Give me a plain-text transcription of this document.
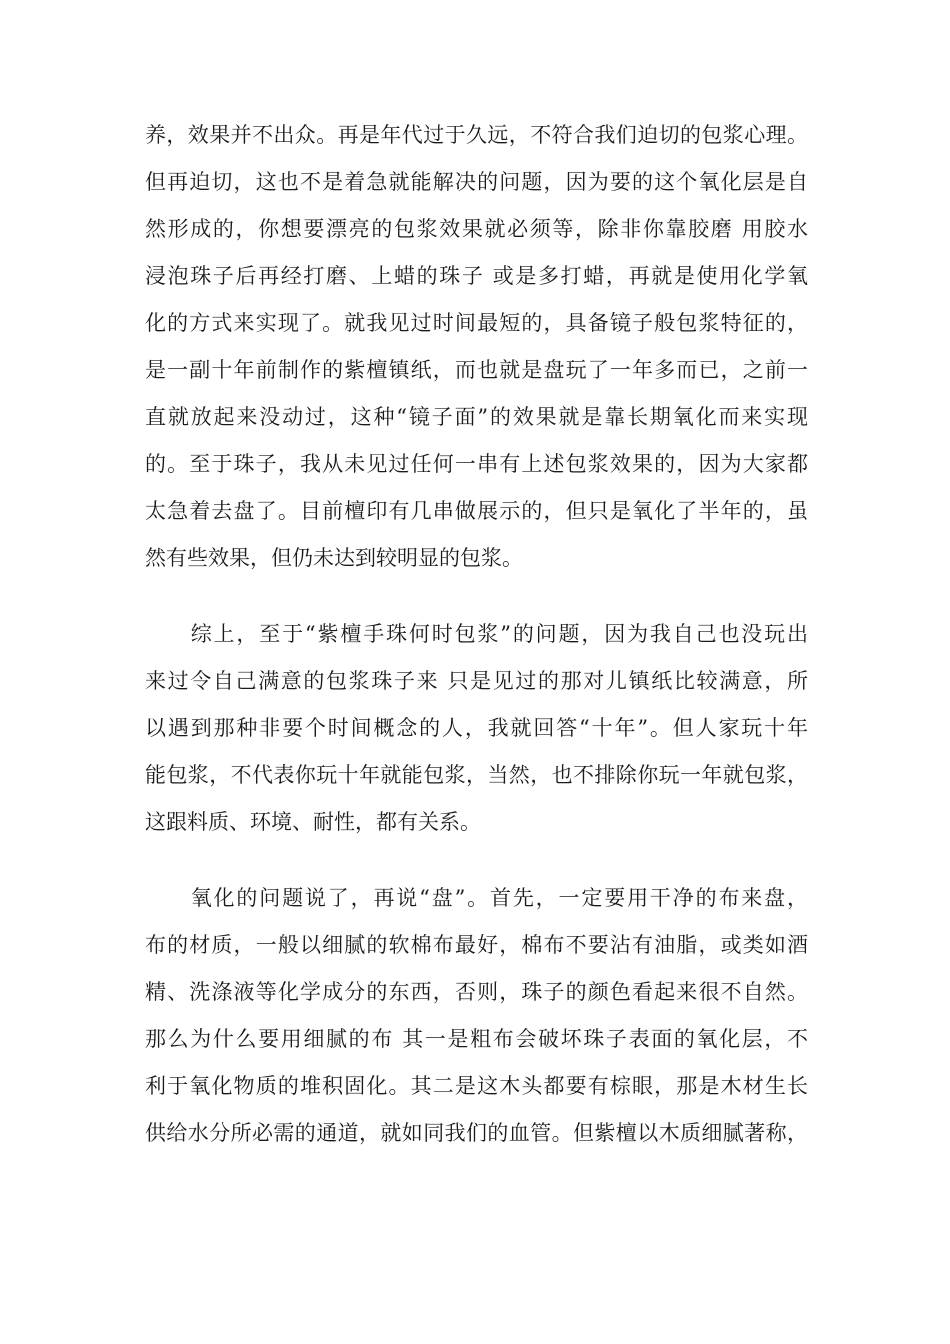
养，效果并不出众。再是年代过于久远，不符合我们迫切的包浆心理。
但再迫切，这也不是着急就能解决的问题，因为要的这个氧化层是自
然形成的，你想要漂亮的包浆效果就必须等，除非你靠胶磨 用胶水
浸泡珠子后再经打磨、上蜡的珠子 或是多打蜡，再就是使用化学氧
化的方式来实现了。就我见过时间最短的，具备镜子般包浆特征的，
是一副十年前制作的紫檀镇纸，而也就是盘玩了一年多而已，之前一
直就放起来没动过，这种“镜子面”的效果就是靠长期氧化而来实现
的。至于珠子，我从未见过任何一串有上述包浆效果的，因为大家都
太急着去盘了。目前檀印有几串做展示的，但只是氧化了半年的，虽
然有些效果，但仍未达到较明显的包浆。

　　综上，至于“紫檀手珠何时包浆”的问题，因为我自己也没玩出
来过令自己满意的包浆珠子来 只是见过的那对儿镇纸比较满意，所
以遇到那种非要个时间概念的人，我就回答“十年”。但人家玩十年
能包浆，不代表你玩十年就能包浆，当然，也不排除你玩一年就包浆，
这跟料质、环境、耐性，都有关系。

　　氧化的问题说了，再说“盘”。首先，一定要用干净的布来盘，
布的材质，一般以细腻的软棉布最好，棉布不要沾有油脂，或类如酒
精、洗涤液等化学成分的东西，否则，珠子的颜色看起来很不自然。
那么为什么要用细腻的布 其一是粗布会破坏珠子表面的氧化层，不
利于氧化物质的堆积固化。其二是这木头都要有棕眼，那是木材生长
供给水分所必需的通道，就如同我们的血管。但紫檀以木质细腻著称，
